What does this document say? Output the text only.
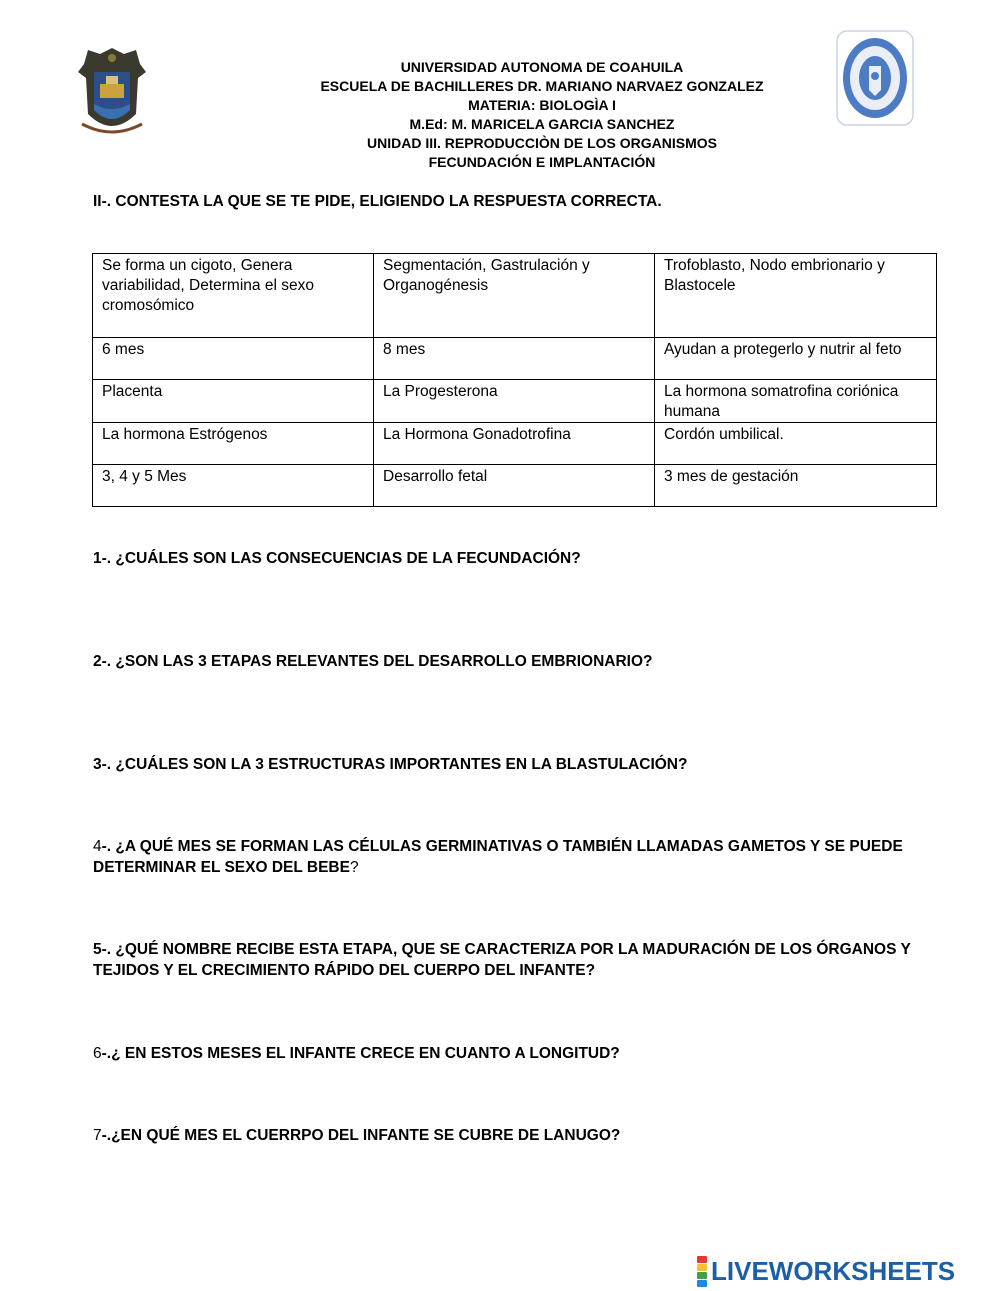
UNIVERSIDAD AUTONOMA DE COAHUILA
ESCUELA DE BACHILLERES DR. MARIANO NARVAEZ GONZALEZ
MATERIA: BIOLOGÌA I
M.Ed: M. MARICELA GARCIA SANCHEZ
UNIDAD III. REPRODUCCIÒN DE LOS ORGANISMOS
FECUNDACIÓN E IMPLANTACIÓN
II-. CONTESTA LA QUE SE TE PIDE, ELIGIENDO LA RESPUESTA CORRECTA.
Se forma un cigoto, Genera variabilidad, Determina el sexo cromosómico	Segmentación, Gastrulación y Organogénesis	Trofoblasto, Nodo embrionario y Blastocele
6 mes	8 mes	Ayudan a protegerlo y nutrir al feto
Placenta	La Progesterona	La hormona somatrofina coriónica humana
La hormona Estrógenos	La Hormona Gonadotrofina	Cordón umbilical.
3, 4 y 5 Mes	Desarrollo fetal	3 mes de gestación
1-. ¿CUÁLES SON LAS CONSECUENCIAS DE LA FECUNDACIÓN?
2-. ¿SON LAS 3 ETAPAS RELEVANTES DEL DESARROLLO EMBRIONARIO?
3-. ¿CUÁLES SON LA 3 ESTRUCTURAS IMPORTANTES EN LA BLASTULACIÓN?
4-. ¿A QUÉ MES SE FORMAN LAS CÉLULAS GERMINATIVAS O TAMBIÉN LLAMADAS GAMETOS Y SE PUEDE DETERMINAR EL SEXO DEL BEBE?
5-. ¿QUÉ NOMBRE RECIBE ESTA ETAPA, QUE SE CARACTERIZA POR LA MADURACIÓN DE LOS ÓRGANOS Y TEJIDOS Y EL CRECIMIENTO RÁPIDO DEL CUERPO DEL INFANTE?
6-.¿ EN ESTOS MESES EL INFANTE CRECE EN CUANTO A LONGITUD?
7-.¿EN QUÉ MES EL CUERRPO DEL INFANTE SE CUBRE DE LANUGO?
LIVEWORKSHEETS
